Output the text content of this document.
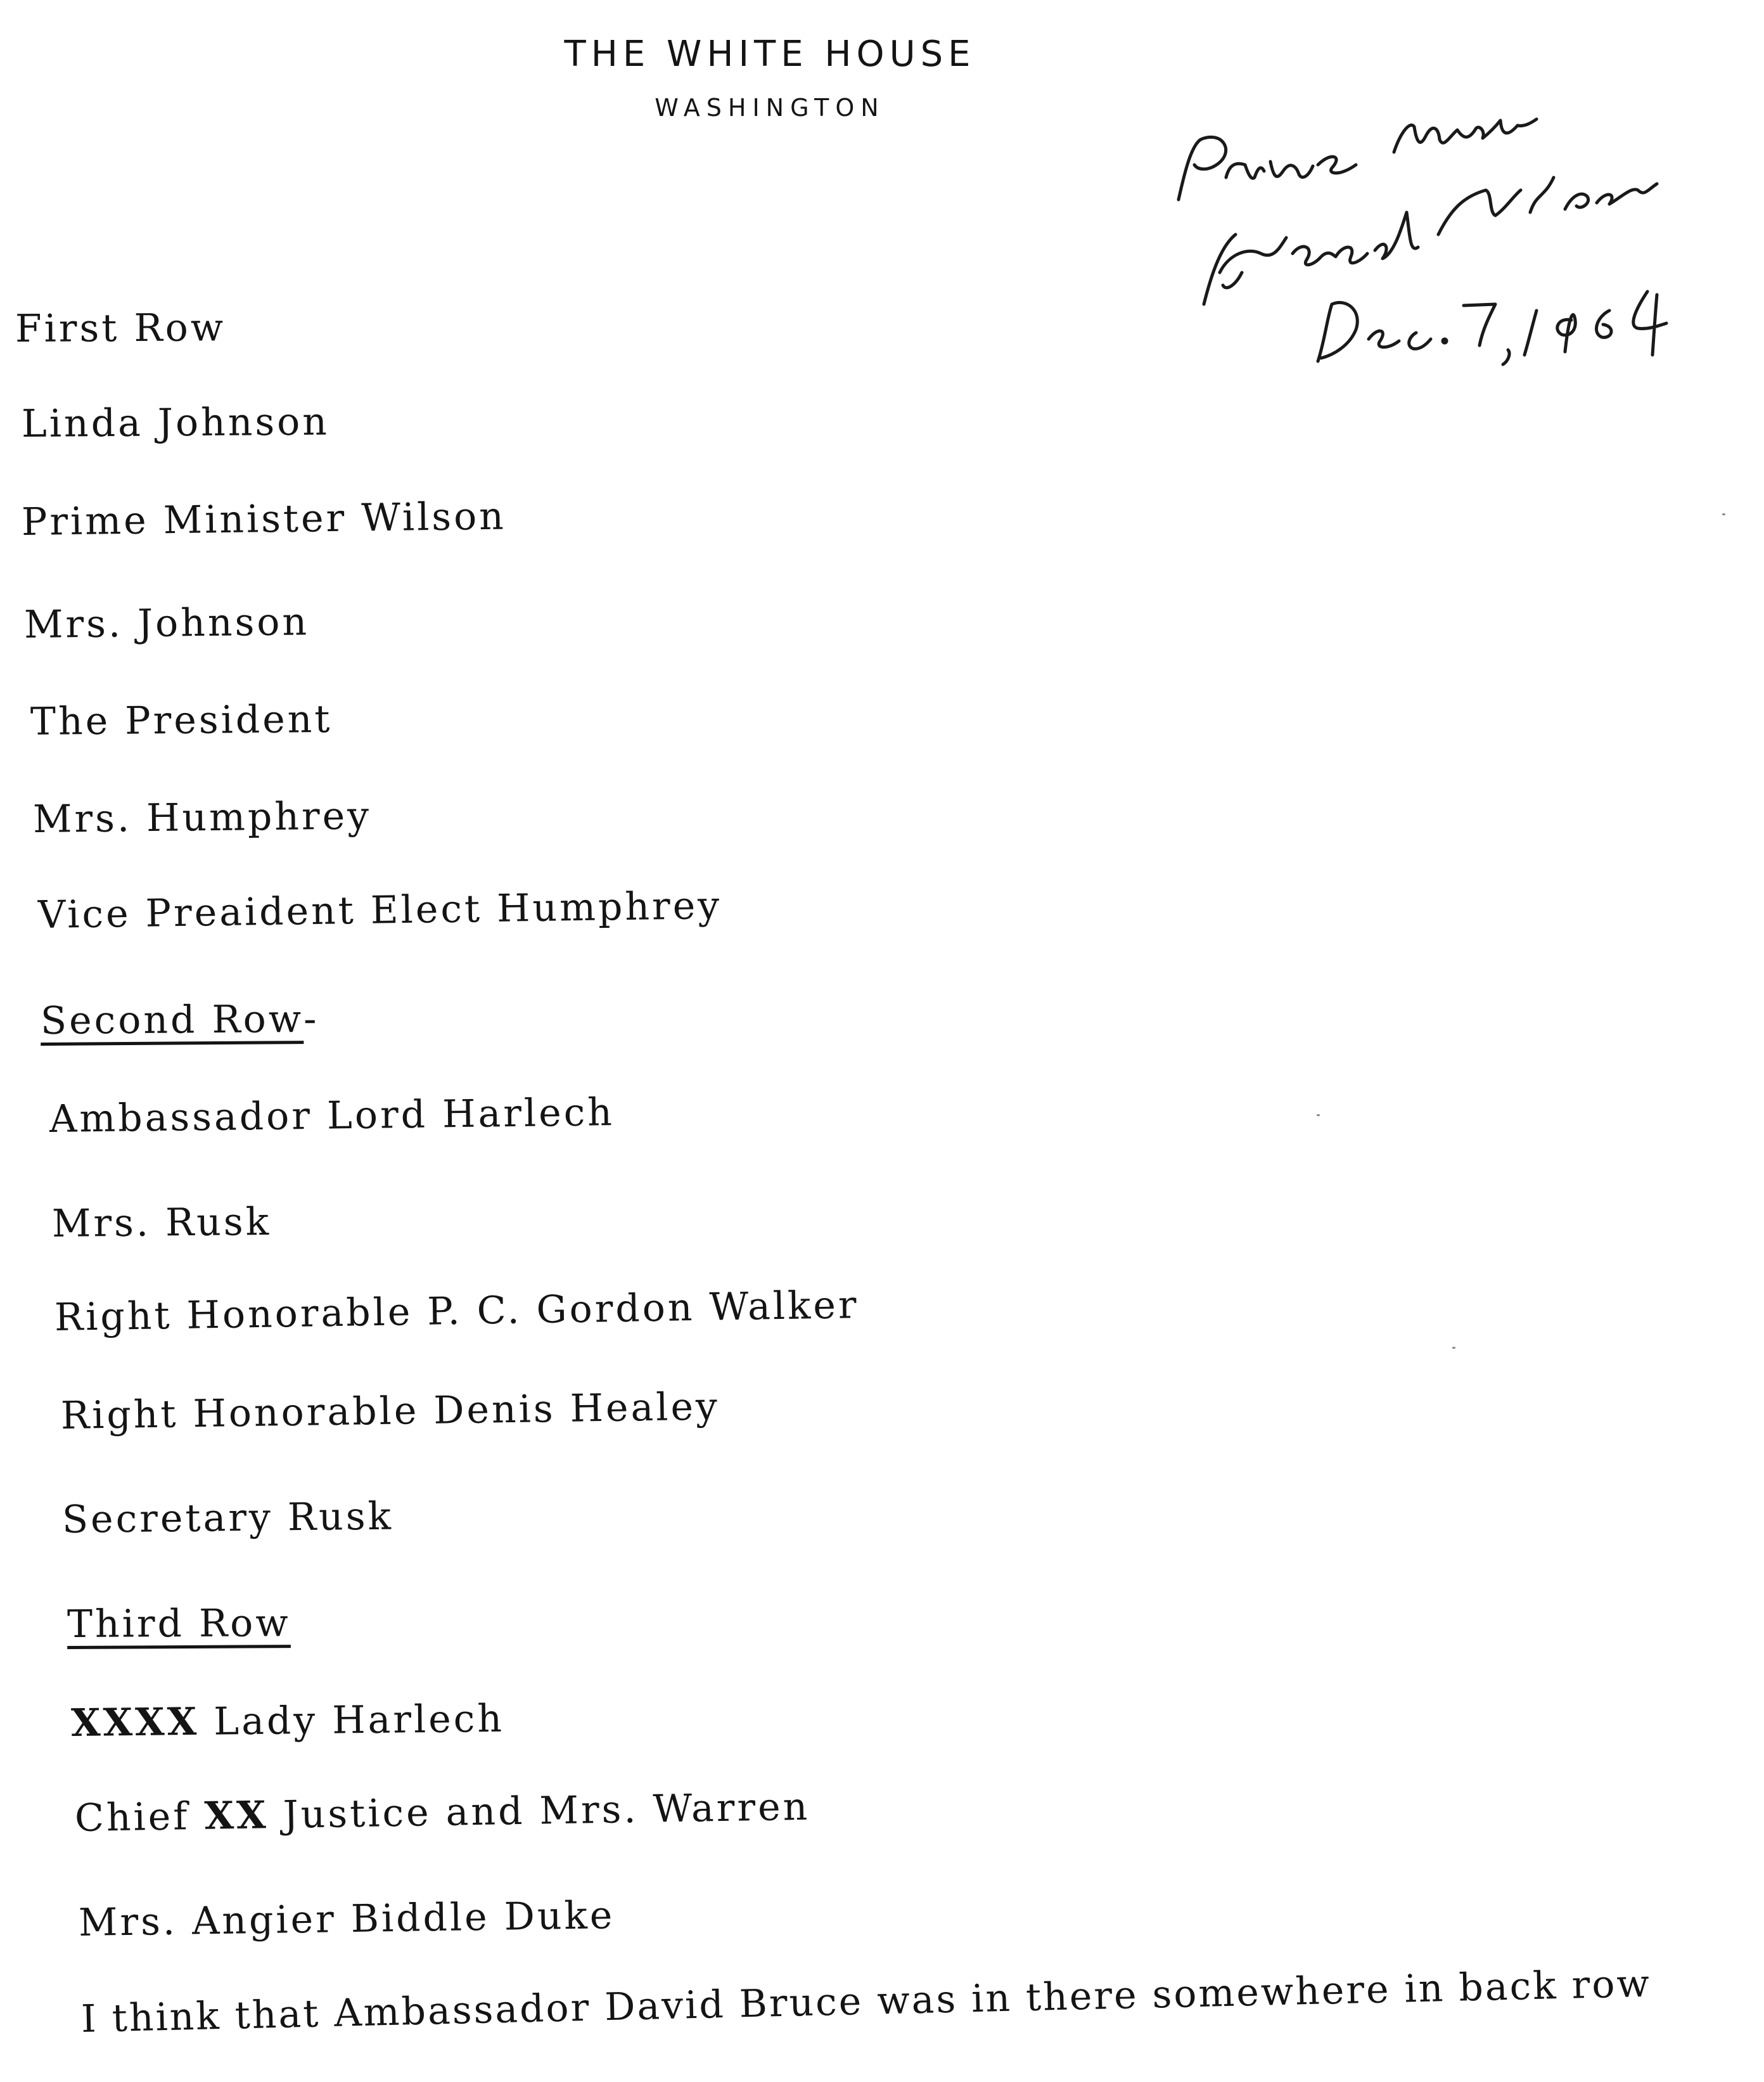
THE WHITE HOUSE
WASHINGTON
First Row
Linda Johnson
Prime Minister Wilson
Mrs. Johnson
The President
Mrs. Humphrey
Vice Preaident Elect Humphrey
Second Row-
Ambassador Lord Harlech
Mrs. Rusk
Right Honorable P. C. Gordon Walker
Right Honorable Denis Healey
Secretary Rusk
Third Row
XXXX Lady Harlech
Chief XX Justice and Mrs. Warren
Mrs. Angier Biddle Duke
I think that Ambassador David Bruce was in there somewhere in back row
